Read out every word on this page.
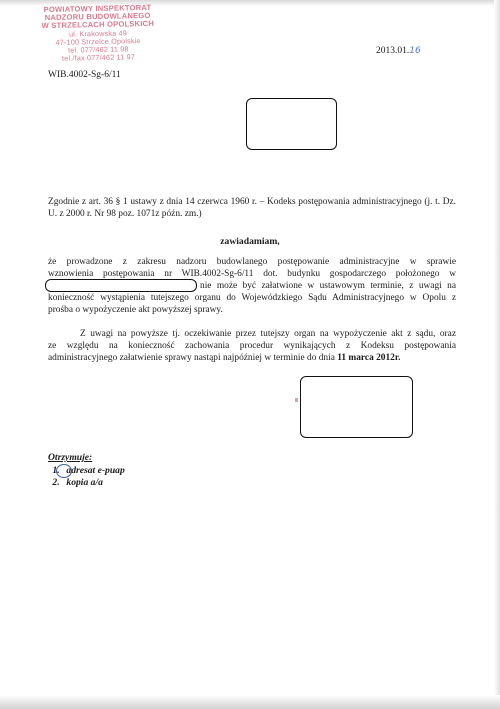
POWIATOWY INSPEKTORAT
NADZORU BUDOWLANEGO
W STRZELCACH OPOLSKICH
ul. Krakowska 49
47-100 Strzelce Opolskie
tel. 077/462 11 98
tel./fax 077/462 11 97
2013.01.16
WIB.4002-Sg-6/11
Zgodnie z art. 36 § 1 ustawy z dnia 14 czerwca 1960 r. – Kodeks postępowania administracyjnego (j. t. Dz. U. z 2000 r. Nr 98 poz. 1071z późn. zm.)
zawiadamiam,
że prowadzone z zakresu nadzoru budowlanego postępowanie administracyjne w sprawie
wznowienia postępowania nr WIB.4002-Sg-6/11 dot. budynku gospodarczego położonego w
nie może być załatwione w ustawowym terminie, z uwagi na
konieczność wystąpienia tutejszego organu do Wojewódzkiego Sądu Administracyjnego w Opolu z
prośba o wypożyczenie akt powyższej sprawy.
Z uwagi na powyższe tj. oczekiwanie przez tutejszy organ na wypożyczenie akt z sądu, oraz
ze względu na konieczność zachowania procedur wynikających z Kodeksu postępowania
administracyjnego załatwienie sprawy nastąpi najpóźniej w terminie do dnia 11 marca 2012r.
Otrzymuje:
1. adresat e-puap
2. kopia a/a
